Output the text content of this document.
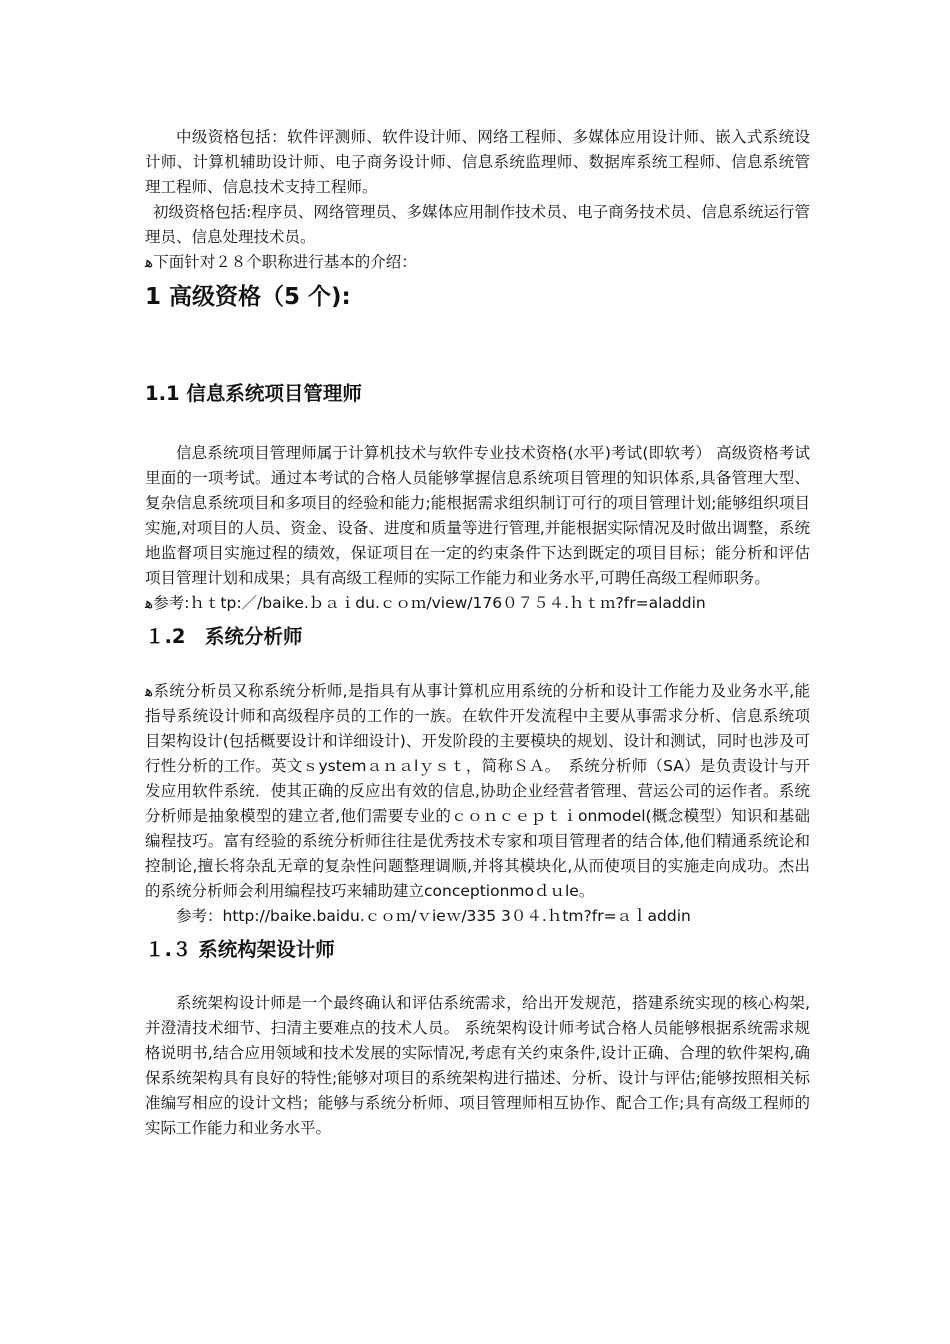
中级资格包括：软件评测师、软件设计师、网络工程师、多媒体应用设计师、嵌入式系统设计师、计算机辅助设计师、电子商务设计师、信息系统监理师、数据库系统工程师、信息系统管理工程师、信息技术支持工程师。

初级资格包括:程序员、网络管理员、多媒体应用制作技术员、电子商务技术员、信息系统运行管理员、信息处理技术员。

ﻫ下面针对２８个职称进行基本的介绍：

1 高级资格（5 个):
1.1 信息系统项目管理师

信息系统项目管理师属于计算机技术与软件专业技术资格(水平)考试(即软考） 高级资格考试里面的一项考试。通过本考试的合格人员能够掌握信息系统项目管理的知识体系,具备管理大型、复杂信息系统项目和多项目的经验和能力;能根据需求组织制订可行的项目管理计划;能够组织项目实施,对项目的人员、资金、设备、进度和质量等进行管理,并能根据实际情况及时做出调整，系统地监督项目实施过程的绩效，保证项目在一定的约束条件下达到既定的项目目标；能分析和评估项目管理计划和成果；具有高级工程师的实际工作能力和业务水平,可聘任高级工程师职务。

ﻫ参考:ｈｔtp:／/baike.ｂａｉdu.ｃｏｍ/view/176０７５４.ｈｔｍ?fr=aladdin

１.2　系统分析师

ﻫ系统分析员又称系统分析师,是指具有从事计算机应用系统的分析和设计工作能力及业务水平,能指导系统设计师和高级程序员的工作的一族。在软件开发流程中主要从事需求分析、信息系统项目架构设计(包括概要设计和详细设计)、开发阶段的主要模块的规划、设计和测试，同时也涉及可行性分析的工作。英文ｓystemａｎａlｙｓｔ，简称ＳＡ。　系统分析师（SA）是负责设计与开发应用软件系统．使其正确的反应出有效的信息,协助企业经营者管理、营运公司的运作者。系统分析师是抽象模型的建立者,他们需要专业的ｃｏｎｃｅｐｔｉonmodel(概念模型）知识和基础编程技巧。富有经验的系统分析师往往是优秀技术专家和项目管理者的结合体,他们精通系统论和控制论,擅长将杂乱无章的复杂性问题整理调顺,并将其模块化,从而使项目的实施走向成功。杰出的系统分析师会利用编程技巧来辅助建立conceptionmoｄｕle。

参考：http://baike.baidu.ｃｏｍ/ｖieｗ/335 3０４.ｈtm?fr=ａｌaddin

１.３ 系统构架设计师

系统架构设计师是一个最终确认和评估系统需求，给出开发规范，搭建系统实现的核心构架,并澄清技术细节、扫清主要难点的技术人员。 系统架构设计师考试合格人员能够根据系统需求规格说明书,结合应用领域和技术发展的实际情况,考虑有关约束条件,设计正确、合理的软件架构,确保系统架构具有良好的特性;能够对项目的系统架构进行描述、分析、设计与评估;能够按照相关标准编写相应的设计文档；能够与系统分析师、项目管理师相互协作、配合工作;具有高级工程师的实际工作能力和业务水平。
